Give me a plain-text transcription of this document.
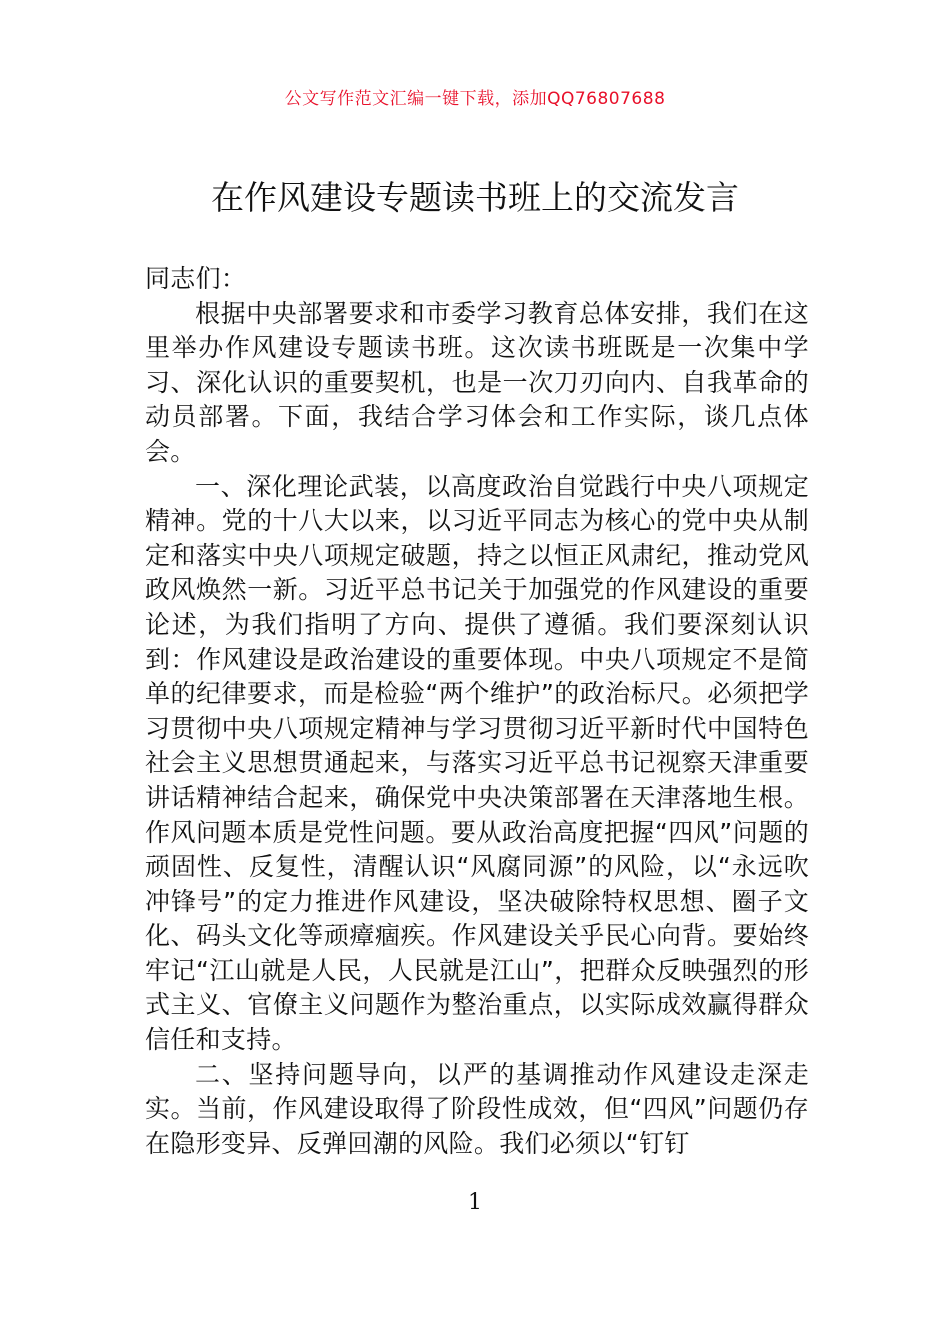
公文写作范文汇编一键下载，添加QQ76807688
在作风建设专题读书班上的交流发言

同志们：

根据中央部署要求和市委学习教育总体安排，我们在这里举办作风建设专题读书班。这次读书班既是一次集中学习、深化认识的重要契机，也是一次刀刃向内、自我革命的动员部署。下面，我结合学习体会和工作实际，谈几点体会。

一、深化理论武装，以高度政治自觉践行中央八项规定精神。党的十八大以来，以习近平同志为核心的党中央从制定和落实中央八项规定破题，持之以恒正风肃纪，推动党风政风焕然一新。习近平总书记关于加强党的作风建设的重要论述，为我们指明了方向、提供了遵循。我们要深刻认识到：作风建设是政治建设的重要体现。中央八项规定不是简单的纪律要求，而是检验“两个维护”的政治标尺。必须把学习贯彻中央八项规定精神与学习贯彻习近平新时代中国特色社会主义思想贯通起来，与落实习近平总书记视察天津重要讲话精神结合起来，确保党中央决策部署在天津落地生根。作风问题本质是党性问题。要从政治高度把握“四风”问题的顽固性、反复性，清醒认识“风腐同源”的风险，以“永远吹冲锋号”的定力推进作风建设，坚决破除特权思想、圈子文化、码头文化等顽瘴痼疾。作风建设关乎民心向背。要始终牢记“江山就是人民，人民就是江山”，把群众反映强烈的形式主义、官僚主义问题作为整治重点，以实际成效赢得群众信任和支持。

二、坚持问题导向，以严的基调推动作风建设走深走实。当前，作风建设取得了阶段性成效，但“四风”问题仍存在隐形变异、反弹回潮的风险。我们必须以“钉钉

1
